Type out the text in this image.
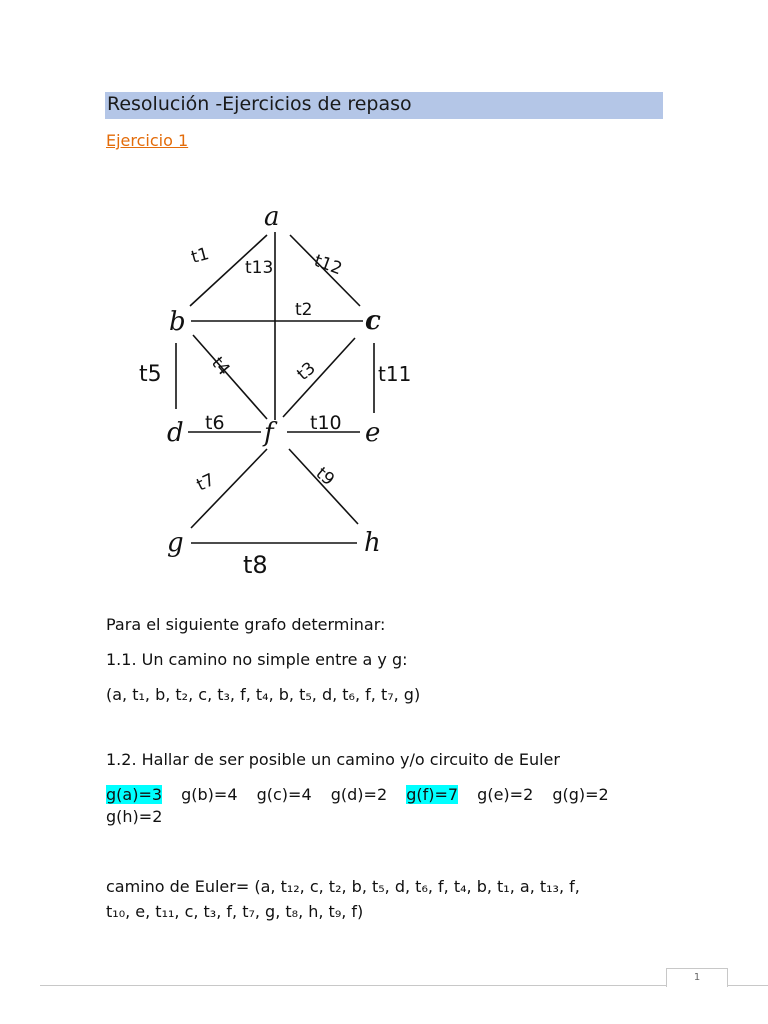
Resolución -Ejercicios de repaso
Ejercicio 1
a
c
b
d	f	e
g	h
t1
t13 t12
t2
t5	t4	t3	t11
t6	t10
t7	t9
t8
Para el siguiente grafo determinar:
1.1. Un camino no simple entre a y g:
(a, t₁, b, t₂, c, t₃, f, t₄, b, t₅, d, t₆, f, t₇, g)
1.2. Hallar de ser posible un camino y/o circuito de Euler
g(a)=3 g(b)=4 g(c)=4 g(d)=2 g(f)=7 g(e)=2 g(g)=2
g(h)=2
camino de Euler= (a, t₁₂, c, t₂, b, t₅, d, t₆, f, t₄, b, t₁, a, t₁₃, f,
t₁₀, e, t₁₁, c, t₃, f, t₇, g, t₈, h, t₉, f)
1
